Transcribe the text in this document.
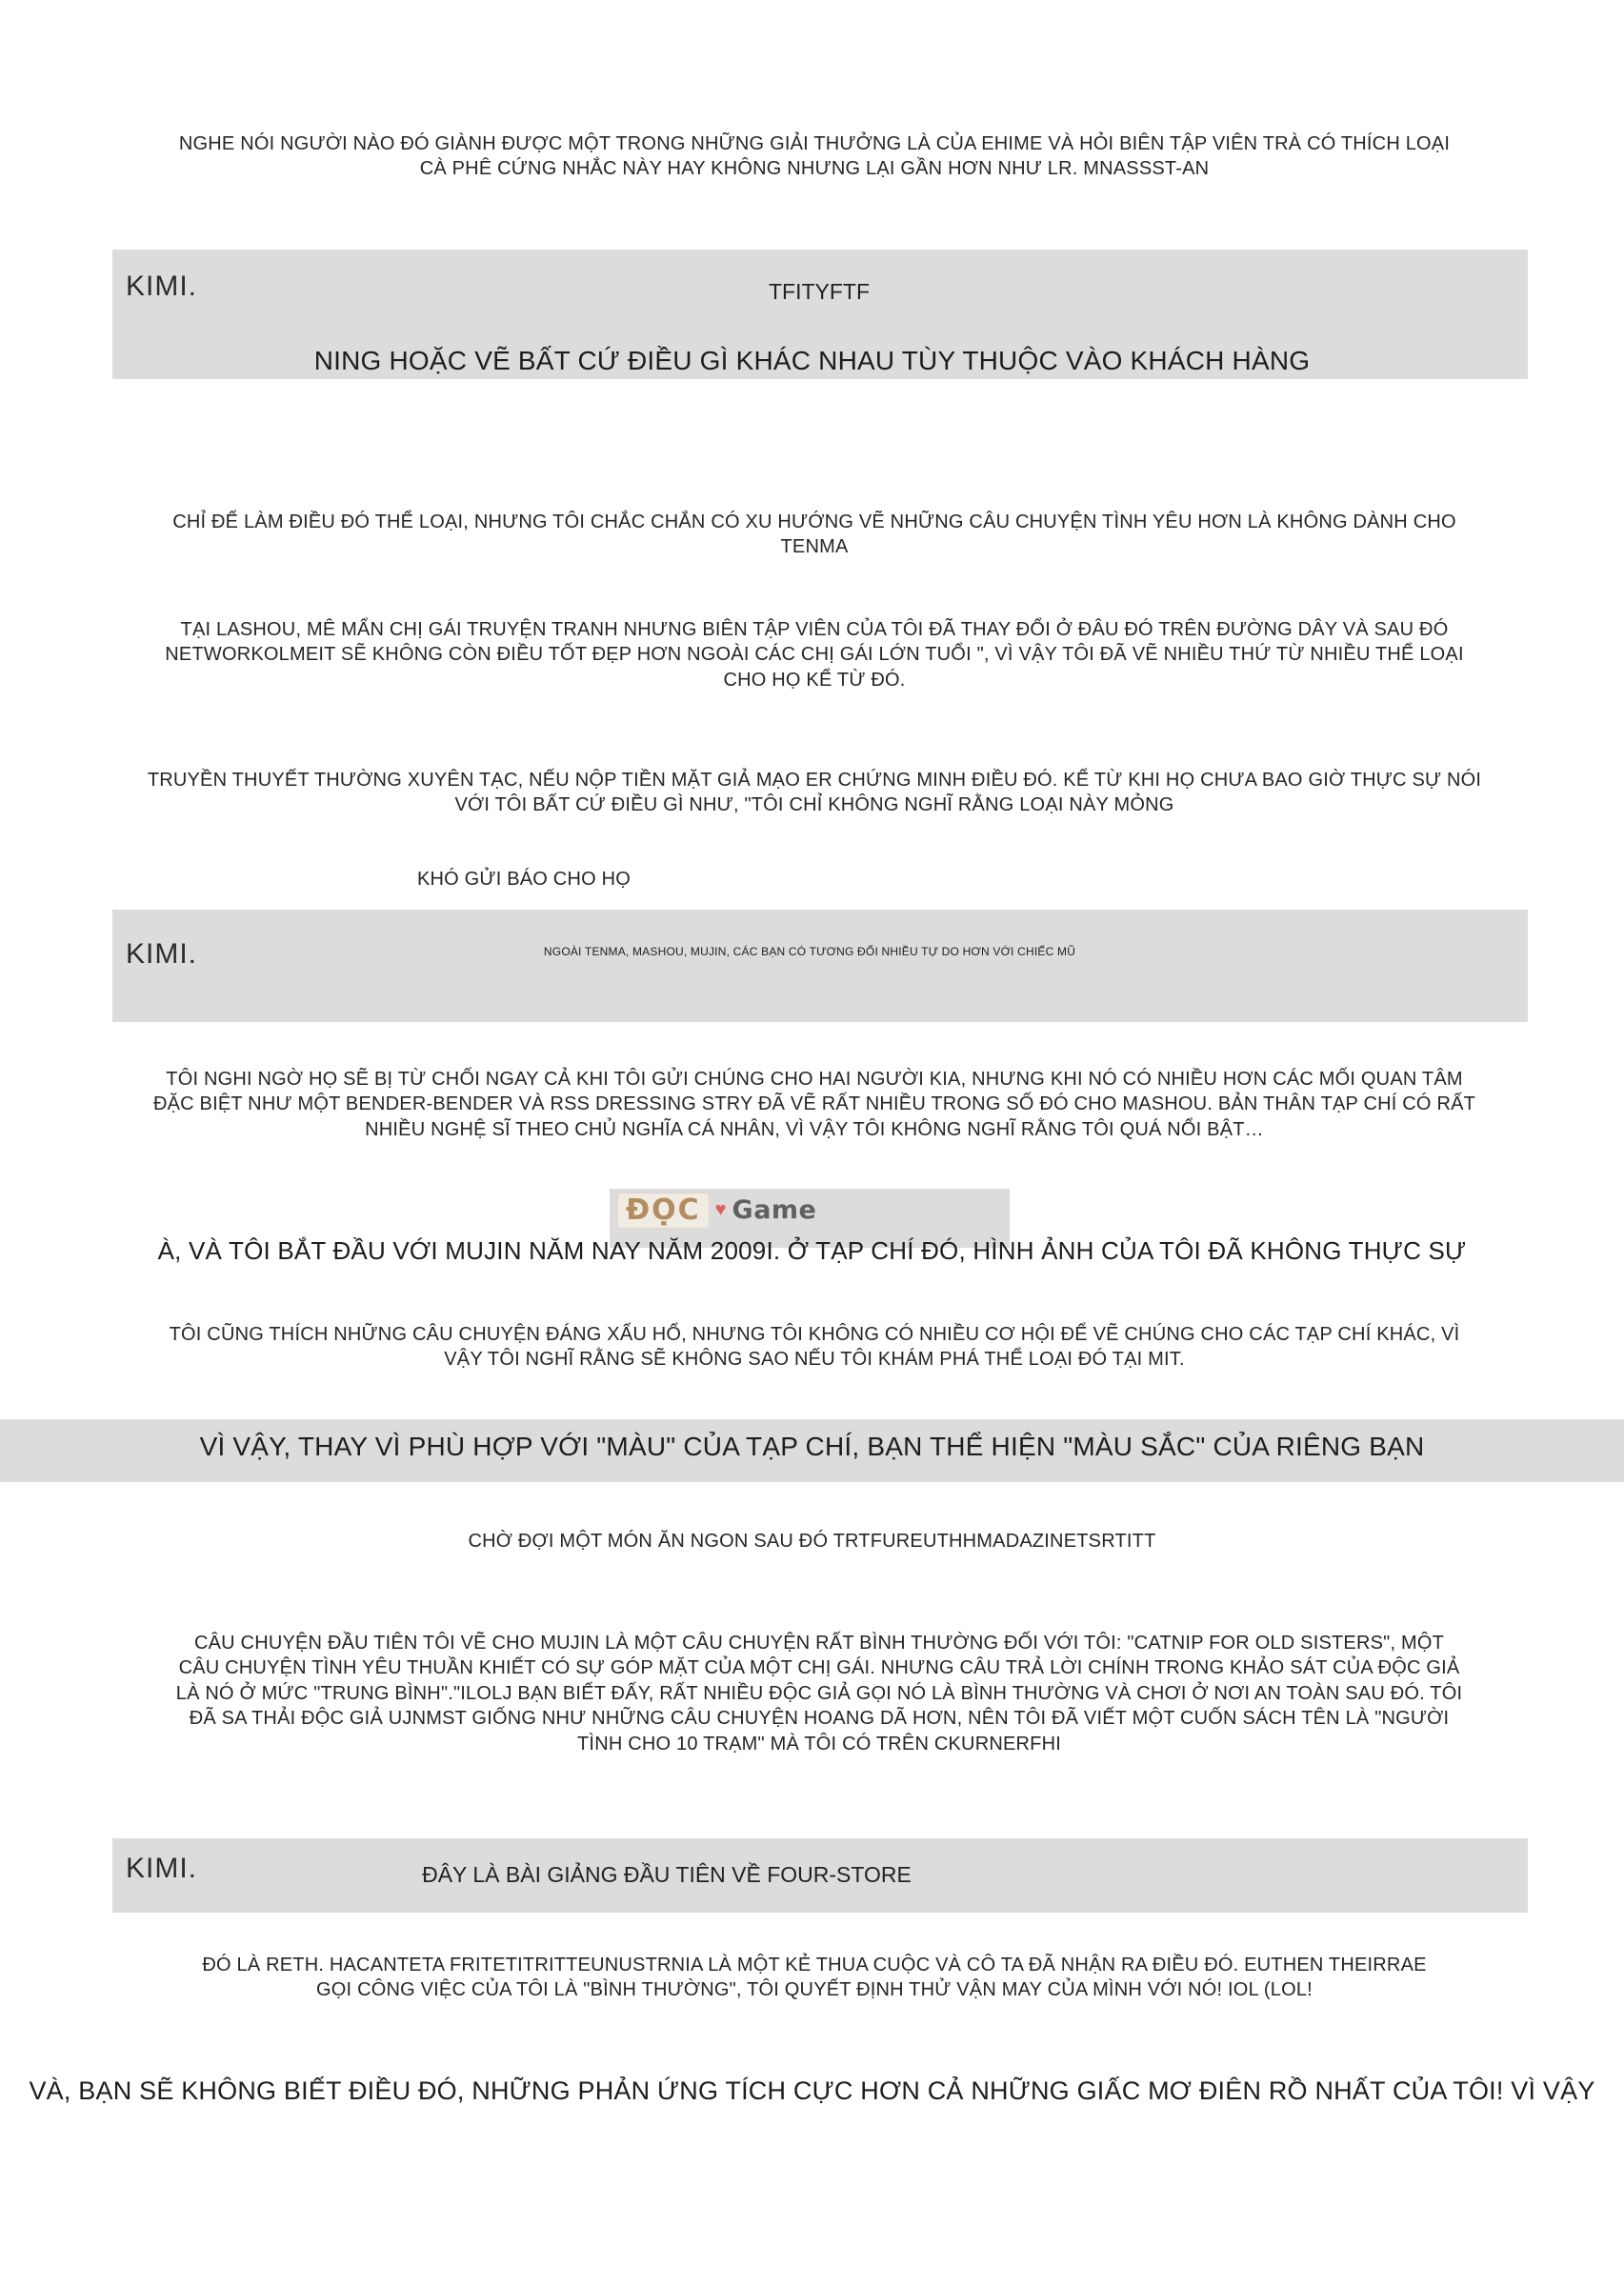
NGHE NÓI NGƯỜI NÀO ĐÓ GIÀNH ĐƯỢC MỘT TRONG NHỮNG GIẢI THƯỞNG LÀ CỦA EHIME VÀ HỎI BIÊN TẬP VIÊN TRÀ CÓ THÍCH LOẠI CÀ PHÊ CỨNG NHẮC NÀY HAY KHÔNG NHƯNG LẠI GẦN HƠN NHƯ LR. MNASSST-AN
KIMI.	TFITYFTF
NING HOẶC VẼ BẤT CỨ ĐIỀU GÌ KHÁC NHAU TÙY THUỘC VÀO KHÁCH HÀNG
CHỈ ĐỂ LÀM ĐIỀU ĐÓ THỂ LOẠI, NHƯNG TÔI CHẮC CHẮN CÓ XU HƯỚNG VẼ NHỮNG CÂU CHUYỆN TÌNH YÊU HƠN LÀ KHÔNG DÀNH CHO TENMA
TẠI LASHOU, MÊ MẨN CHỊ GÁI TRUYỆN TRANH NHƯNG BIÊN TẬP VIÊN CỦA TÔI ĐÃ THAY ĐỔI Ở ĐÂU ĐÓ TRÊN ĐƯỜNG DÂY VÀ SAU ĐÓ NETWORKOLMEIT SẼ KHÔNG CÒN ĐIỀU TỐT ĐẸP HƠN NGOÀI CÁC CHỊ GÁI LỚN TUỔI ", VÌ VẬY TÔI ĐÃ VẼ NHIỀU THỨ TỪ NHIỀU THỂ LOẠI CHO HỌ KỂ TỪ ĐÓ.
TRUYỀN THUYẾT THƯỜNG XUYÊN TẠC, NẾU NỘP TIỀN MẶT GIẢ MẠO ER CHỨNG MINH ĐIỀU ĐÓ. KỂ TỪ KHI HỌ CHƯA BAO GIỜ THỰC SỰ NÓI VỚI TÔI BẤT CỨ ĐIỀU GÌ NHƯ, "TÔI CHỈ KHÔNG NGHĨ RẰNG LOẠI NÀY MỎNG
KHÓ GỬI BÁO CHO HỌ
KIMI.	NGOÀI TENMA, MASHOU, MUJIN, CÁC BẠN CÓ TƯƠNG ĐỐI NHIỀU TỰ DO HƠN VỚI CHIẾC MŨ
TÔI NGHI NGỜ HỌ SẼ BỊ TỪ CHỐI NGAY CẢ KHI TÔI GỬI CHÚNG CHO HAI NGƯỜI KIA, NHƯNG KHI NÓ CÓ NHIỀU HƠN CÁC MỐI QUAN TÂM ĐẶC BIỆT NHƯ MỘT BENDER-BENDER VÀ RSS DRESSING STRY ĐÃ VẼ RẤT NHIỀU TRONG SỐ ĐÓ CHO MASHOU. BẢN THÂN TẠP CHÍ CÓ RẤT NHIỀU NGHỆ SĨ THEO CHỦ NGHĨA CÁ NHÂN, VÌ VẬY TÔI KHÔNG NGHĨ RẰNG TÔI QUÁ NỔI BẬT…
ĐỌC ♥ Game
À, VÀ TÔI BẮT ĐẦU VỚI MUJIN NĂM NAY NĂM 2009I. Ở TẠP CHÍ ĐÓ, HÌNH ẢNH CỦA TÔI ĐÃ KHÔNG THỰC SỰ
TÔI CŨNG THÍCH NHỮNG CÂU CHUYỆN ĐÁNG XẤU HỔ, NHƯNG TÔI KHÔNG CÓ NHIỀU CƠ HỘI ĐỂ VẼ CHÚNG CHO CÁC TẠP CHÍ KHÁC, VÌ VẬY TÔI NGHĨ RẰNG SẼ KHÔNG SAO NẾU TÔI KHÁM PHÁ THỂ LOẠI ĐÓ TẠI MIT.
VÌ VẬY, THAY VÌ PHÙ HỢP VỚI "MÀU" CỦA TẠP CHÍ, BẠN THỂ HIỆN "MÀU SẮC" CỦA RIÊNG BẠN
CHỜ ĐỢI MỘT MÓN ĂN NGON SAU ĐÓ TRTFUREUTHHMADAZINETSRTITT
CÂU CHUYỆN ĐẦU TIÊN TÔI VẼ CHO MUJIN LÀ MỘT CÂU CHUYỆN RẤT BÌNH THƯỜNG ĐỐI VỚI TÔI: "CATNIP FOR OLD SISTERS", MỘT CÂU CHUYỆN TÌNH YÊU THUẦN KHIẾT CÓ SỰ GÓP MẶT CỦA MỘT CHỊ GÁI. NHƯNG CÂU TRẢ LỜI CHÍNH TRONG KHẢO SÁT CỦA ĐỘC GIẢ LÀ NÓ Ở MỨC "TRUNG BÌNH"."ILOLJ BẠN BIẾT ĐẤY, RẤT NHIỀU ĐỘC GIẢ GỌI NÓ LÀ BÌNH THƯỜNG VÀ CHƠI Ở NƠI AN TOÀN SAU ĐÓ. TÔI ĐÃ SA THẢI ĐỘC GIẢ UJNMST GIỐNG NHƯ NHỮNG CÂU CHUYỆN HOANG DÃ HƠN, NÊN TÔI ĐÃ VIẾT MỘT CUỐN SÁCH TÊN LÀ "NGƯỜI TÌNH CHO 10 TRẠM" MÀ TÔI CÓ TRÊN CKURNERFHI
KIMI.	ĐÂY LÀ BÀI GIẢNG ĐẦU TIÊN VỀ FOUR-STORE
ĐÓ LÀ RETH. HACANTETA FRITETITRITTEUNUSTRNIA LÀ MỘT KẺ THUA CUỘC VÀ CÔ TA ĐÃ NHẬN RA ĐIỀU ĐÓ. EUTHEN THEIRRAE GỌI CÔNG VIỆC CỦA TÔI LÀ "BÌNH THƯỜNG", TÔI QUYẾT ĐỊNH THỬ VẬN MAY CỦA MÌNH VỚI NÓ! IOL (LOL!
VÀ, BẠN SẼ KHÔNG BIẾT ĐIỀU ĐÓ, NHỮNG PHẢN ỨNG TÍCH CỰC HƠN CẢ NHỮNG GIẤC MƠ ĐIÊN RỒ NHẤT CỦA TÔI! VÌ VẬY
